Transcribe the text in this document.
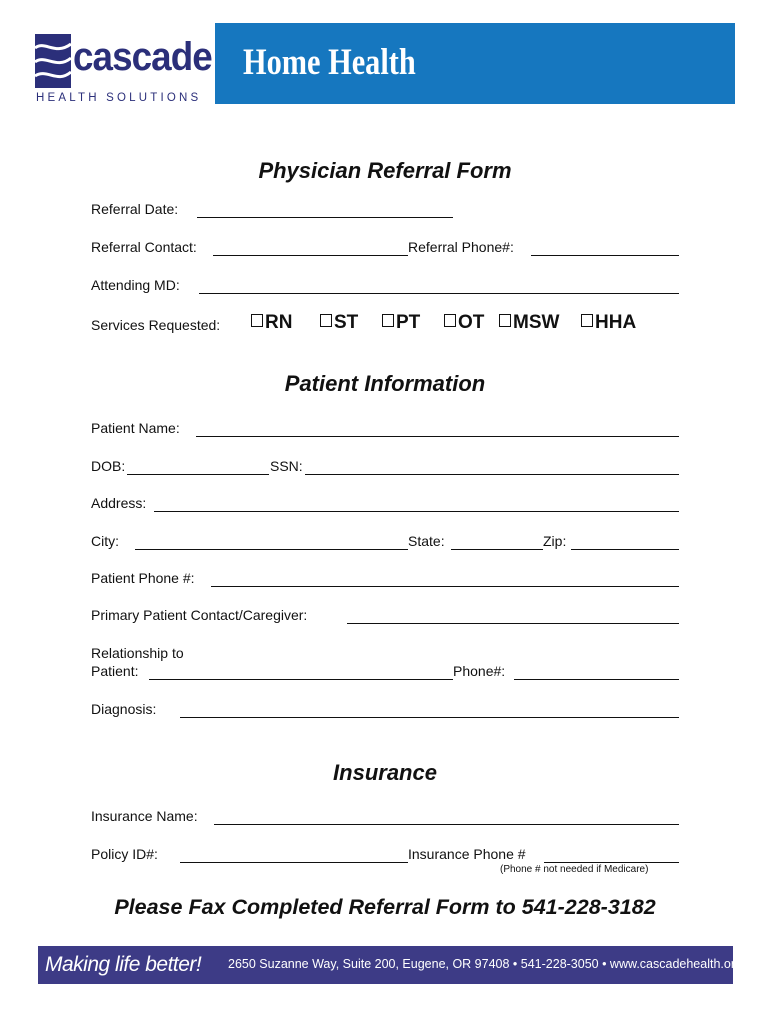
cascade
HEALTH SOLUTIONS
Home Health
Physician Referral Form
Referral Date:
Referral Contact:	Referral Phone#:
Attending MD:
Services Requested:	RN	ST	PT	OT	MSW	HHA
Patient Information
Patient Name:
DOB:	SSN:
Address:
City:	State:	Zip:
Patient Phone #:
Primary Patient Contact/Caregiver:
Relationship to
Patient:	Phone#:
Diagnosis:
Insurance
Insurance Name:
Policy ID#:	Insurance Phone #
(Phone # not needed if Medicare)
Please Fax Completed Referral Form to 541-228-3182
Making life better! 2650 Suzanne Way, Suite 200, Eugene, OR 97408 • 541-228-3050 • www.cascadehealth.org
